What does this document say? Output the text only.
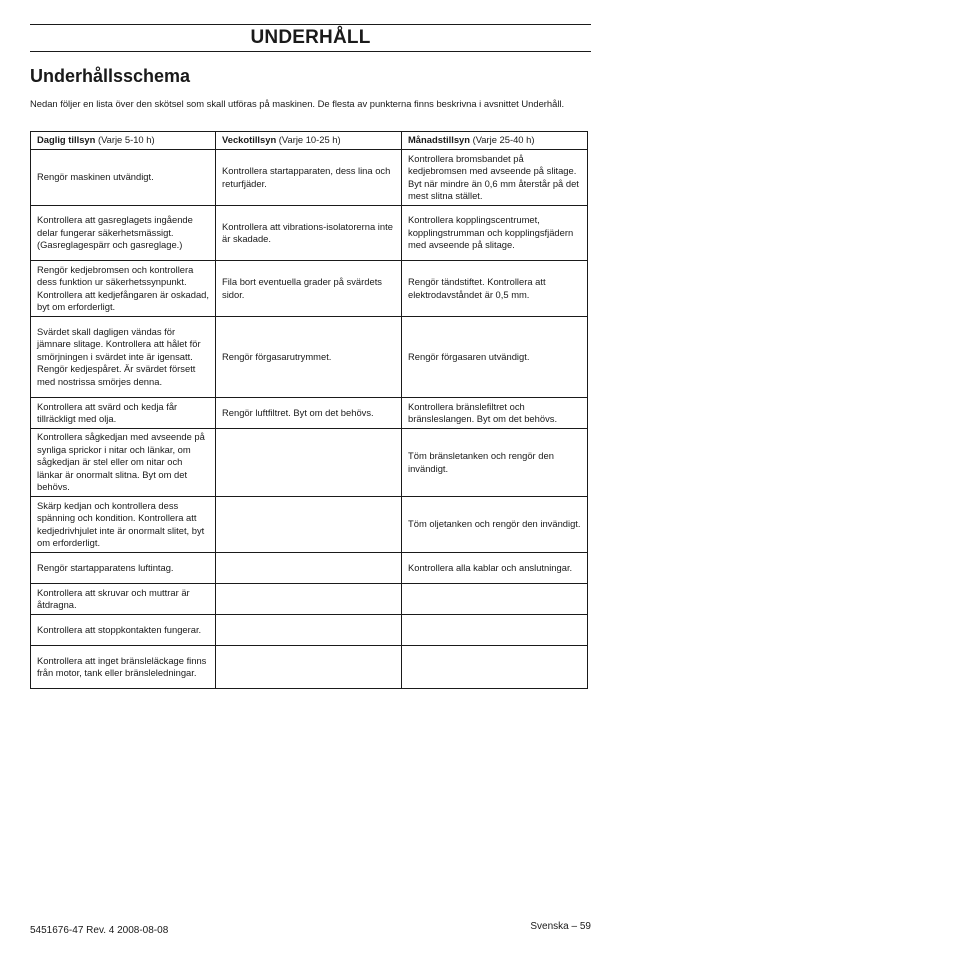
UNDERHÅLL
Underhållsschema

Nedan följer en lista över den skötsel som skall utföras på maskinen. De flesta av punkterna finns beskrivna i avsnittet Underhåll.

Daglig tillsyn (Varje 5-10 h)	Veckotillsyn (Varje 10-25 h)	Månadstillsyn (Varje 25-40 h)
Rengör maskinen utvändigt.	Kontrollera startapparaten, dess lina och returfjäder.	Kontrollera bromsbandet på kedjebromsen med avseende på slitage. Byt när mindre än 0,6 mm återstår på det mest slitna stället.
Kontrollera att gasreglagets ingående delar fungerar säkerhetsmässigt. (Gasreglagespärr och gasreglage.)	Kontrollera att vibrations-isolatorerna inte är skadade.	Kontrollera kopplingscentrumet, kopplingstrumman och kopplingsfjädern med avseende på slitage.
Rengör kedjebromsen och kontrollera dess funktion ur säkerhetssynpunkt. Kontrollera att kedjefångaren är oskadad, byt om erforderligt.	Fila bort eventuella grader på svärdets sidor.	Rengör tändstiftet. Kontrollera att elektrodavståndet är 0,5 mm.
Svärdet skall dagligen vändas för jämnare slitage. Kontrollera att hålet för smörjningen i svärdet inte är igensatt. Rengör kedjespåret. Är svärdet försett med nostrissa smörjes denna.	Rengör förgasarutrymmet.	Rengör förgasaren utvändigt.
Kontrollera att svärd och kedja får tillräckligt med olja.	Rengör luftfiltret. Byt om det behövs.	Kontrollera bränslefiltret och bränsleslangen. Byt om det behövs.
Kontrollera sågkedjan med avseende på synliga sprickor i nitar och länkar, om sågkedjan är stel eller om nitar och länkar är onormalt slitna. Byt om det behövs.		Töm bränsletanken och rengör den invändigt.
Skärp kedjan och kontrollera dess spänning och kondition. Kontrollera att kedjedrivhjulet inte är onormalt slitet, byt om erforderligt.		Töm oljetanken och rengör den invändigt.
Rengör startapparatens luftintag.		Kontrollera alla kablar och anslutningar.
Kontrollera att skruvar och muttrar är åtdragna.		
Kontrollera att stoppkontakten fungerar.		
Kontrollera att inget bränsleläckage finns från motor, tank eller bränsleledningar.		
5451676-47 Rev. 4 2008-08-08	Svenska – 59
